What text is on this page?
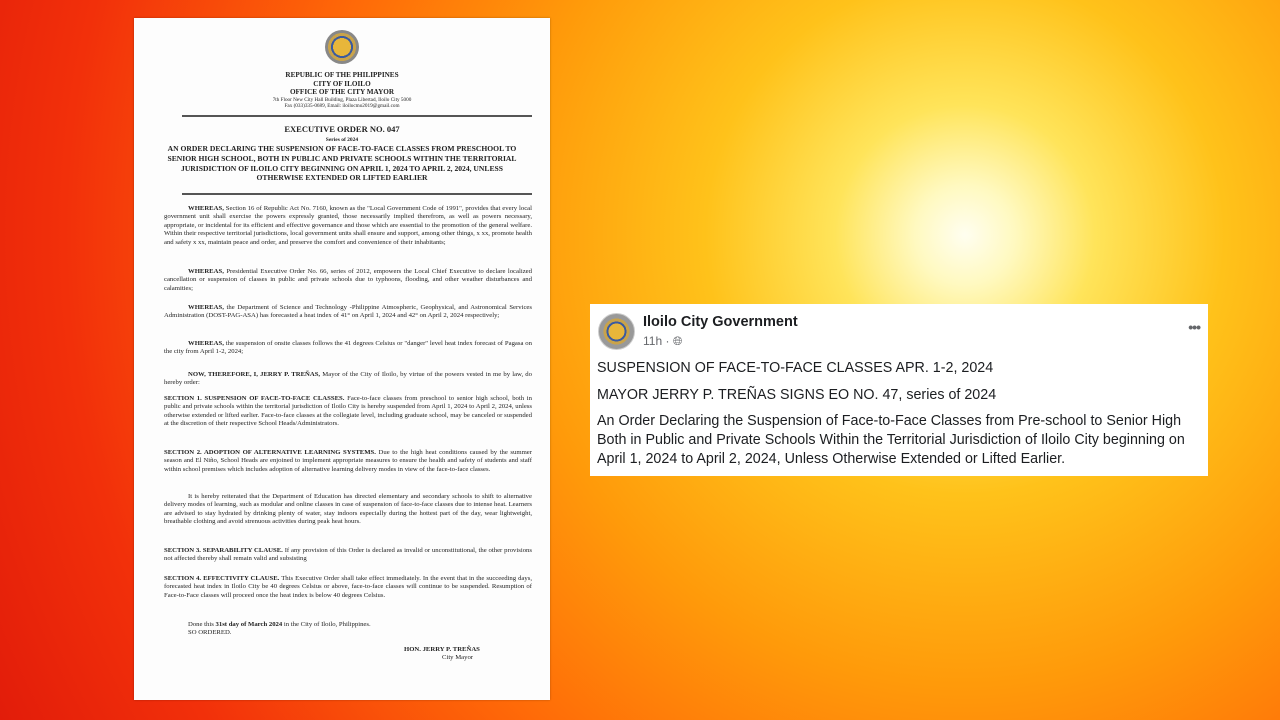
REPUBLIC OF THE PHILIPPINES
CITY OF ILOILO
OFFICE OF THE CITY MAYOR
7th Floor New City Hall Building, Plaza Libertad, Iloilo City 5000
Fax (033)335-0689, Email: iloilocmo2019@gmail.com
EXECUTIVE ORDER NO. 047
Series of 2024
AN ORDER DECLARING THE SUSPENSION OF FACE-TO-FACE CLASSES FROM PRESCHOOL TO SENIOR HIGH SCHOOL, BOTH IN PUBLIC AND PRIVATE SCHOOLS WITHIN THE TERRITORIAL JURISDICTION OF ILOILO CITY BEGINNING ON APRIL 1, 2024 TO APRIL 2, 2024, UNLESS OTHERWISE EXTENDED OR LIFTED EARLIER
WHEREAS, Section 16 of Republic Act No. 7160, known as the "Local Government Code of 1991", provides that every local government unit shall exercise the powers expressly granted, those necessarily implied therefrom, as well as powers necessary, appropriate, or incidental for its efficient and effective governance and those which are essential to the promotion of the general welfare. Within their respective territorial jurisdictions, local government units shall ensure and support, among other things, x xx, promote health and safety x xx, maintain peace and order, and preserve the comfort and convenience of their inhabitants;
WHEREAS, Presidential Executive Order No. 66, series of 2012, empowers the Local Chief Executive to declare localized cancellation or suspension of classes in public and private schools due to typhoons, flooding, and other weather disturbances and calamities;
WHEREAS, the Department of Science and Technology -Philippine Atmospheric, Geophysical, and Astronomical Services Administration (DOST-PAG-ASA) has forecasted a heat index of 41° on April 1, 2024 and 42° on April 2, 2024 respectively;
WHEREAS, the suspension of onsite classes follows the 41 degrees Celsius or "danger" level heat index forecast of Pagasa on the city from April 1-2, 2024;
NOW, THEREFORE, I, JERRY P. TREÑAS, Mayor of the City of Iloilo, by virtue of the powers vested in me by law, do hereby order:
SECTION 1. SUSPENSION OF FACE-TO-FACE CLASSES. Face-to-face classes from preschool to senior high school, both in public and private schools within the territorial jurisdiction of Iloilo City is hereby suspended from April 1, 2024 to April 2, 2024, unless otherwise extended or lifted earlier. Face-to-face classes at the collegiate level, including graduate school, may be canceled or suspended at the discretion of their respective School Heads/Administrators.
SECTION 2. ADOPTION OF ALTERNATIVE LEARNING SYSTEMS. Due to the high heat conditions caused by the summer season and El Niño, School Heads are enjoined to implement appropriate measures to ensure the health and safety of students and staff within school premises which includes adoption of alternative learning delivery modes in view of the face-to-face classes.
It is hereby reiterated that the Department of Education has directed elementary and secondary schools to shift to alternative delivery modes of learning, such as modular and online classes in case of suspension of face-to-face classes due to intense heat. Learners are advised to stay hydrated by drinking plenty of water, stay indoors especially during the hottest part of the day, wear lightweight, breathable clothing and avoid strenuous activities during peak heat hours.
SECTION 3. SEPARABILITY CLAUSE. If any provision of this Order is declared as invalid or unconstitutional, the other provisions not affected thereby shall remain valid and subsisting
SECTION 4. EFFECTIVITY CLAUSE. This Executive Order shall take effect immediately. In the event that in the succeeding days, forecasted heat index in Iloilo City be 40 degrees Celsius or above, face-to-face classes will continue to be suspended. Resumption of Face-to-Face classes will proceed once the heat index is below 40 degrees Celsius.
Done this 31st day of March 2024 in the City of Iloilo, Philippines.
SO ORDERED.
HON. JERRY P. TREÑAS
City Mayor
Iloilo City Government
11h · 🌐︎
•••
SUSPENSION OF FACE-TO-FACE CLASSES APR. 1-2, 2024
MAYOR JERRY P. TREÑAS SIGNS EO NO. 47, series of 2024
An Order Declaring the Suspension of Face-to-Face Classes from Pre-school to Senior High Both in Public and Private Schools Within the Territorial Jurisdiction of Iloilo City beginning on April 1, 2024 to April 2, 2024, Unless Otherwise Extended or Lifted Earlier.
